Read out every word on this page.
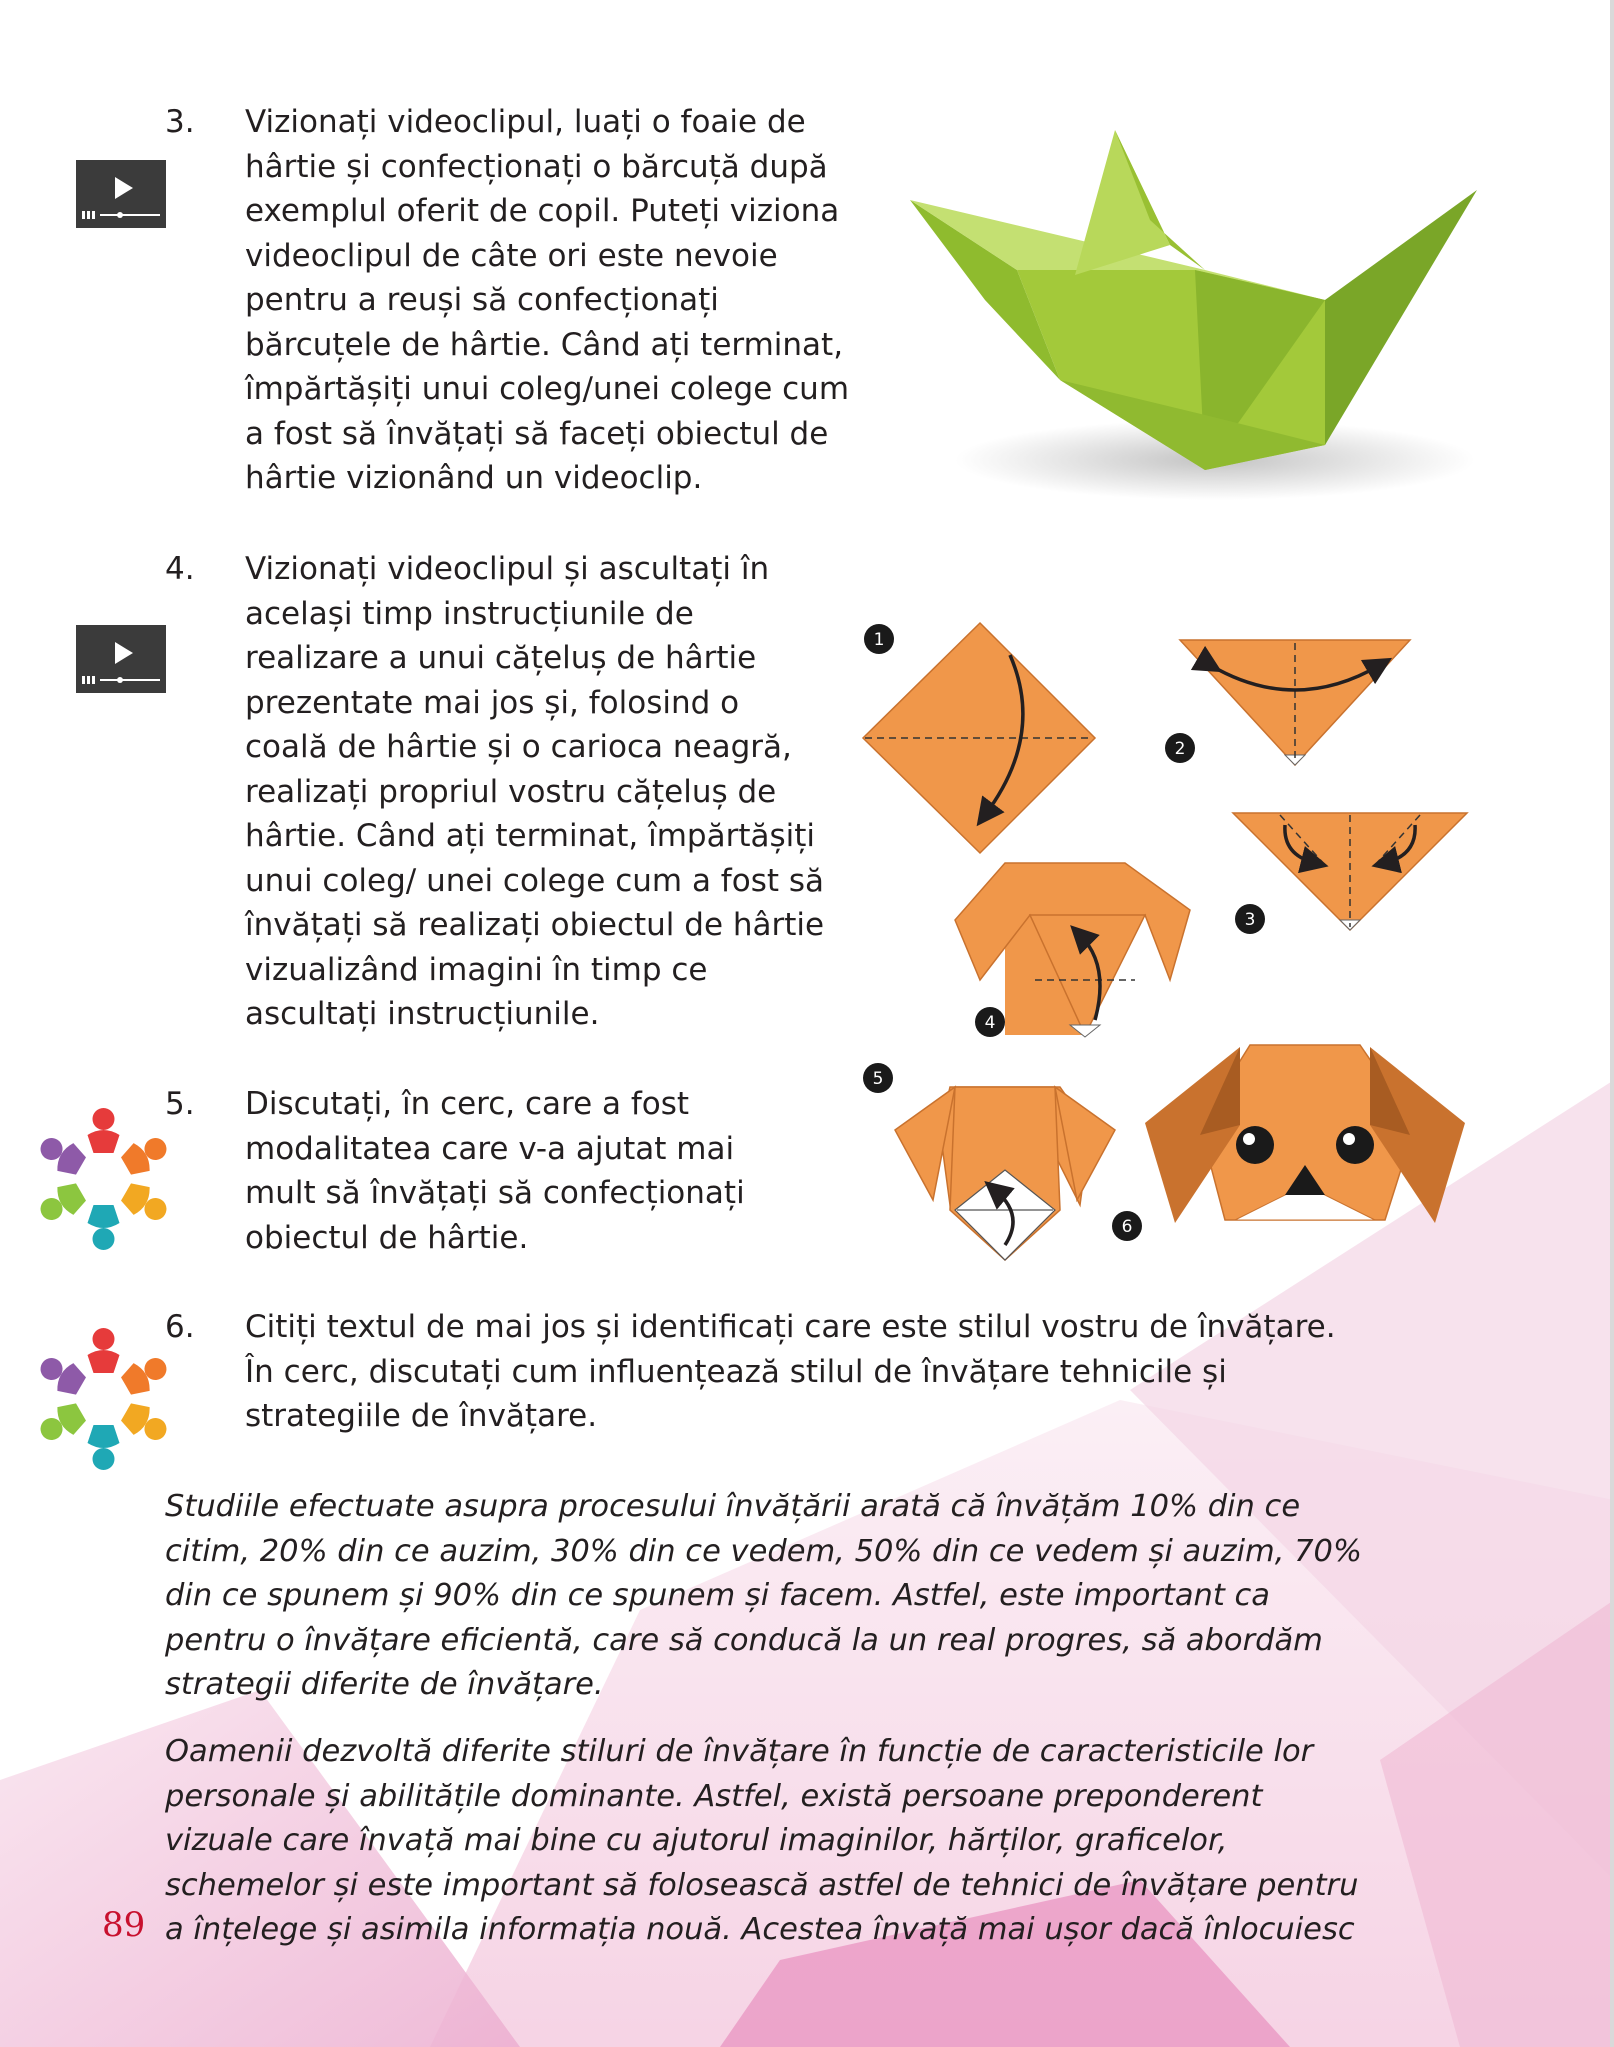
1
2
3
4
5
6
3. Vizionați videoclipul, luați o foaie de
hârtie și confecționați o bărcuță după
exemplul oferit de copil. Puteți viziona
videoclipul de câte ori este nevoie
pentru a reuși să confecționați
bărcuțele de hârtie. Când ați terminat,
împărtășiți unui coleg/unei colege cum
a fost să învățați să faceți obiectul de
hârtie vizionând un videoclip.
4. Vizionați videoclipul și ascultați în
același timp instrucțiunile de
realizare a unui cățeluș de hârtie
prezentate mai jos și, folosind o
coală de hârtie și o carioca neagră,
realizați propriul vostru cățeluș de
hârtie. Când ați terminat, împărtășiți
unui coleg/ unei colege cum a fost să
învățați să realizați obiectul de hârtie
vizualizând imagini în timp ce
ascultați instrucțiunile.
5. Discutați, în cerc, care a fost
modalitatea care v-a ajutat mai
mult să învățați să confecționați
obiectul de hârtie.
6. Citiți textul de mai jos și identificați care este stilul vostru de învățare.
În cerc, discutați cum influențează stilul de învățare tehnicile și
strategiile de învățare.
Studiile efectuate asupra procesului învățării arată că învățăm 10% din ce
citim, 20% din ce auzim, 30% din ce vedem, 50% din ce vedem și auzim, 70%
din ce spunem și 90% din ce spunem și facem. Astfel, este important ca
pentru o învățare eficientă, care să conducă la un real progres, să abordăm
strategii diferite de învățare.
Oamenii dezvoltă diferite stiluri de învățare în funcție de caracteristicile lor
personale și abilitățile dominante. Astfel, există persoane preponderent
vizuale care învață mai bine cu ajutorul imaginilor, hărților, graficelor,
schemelor și este important să folosească astfel de tehnici de învățare pentru
a înțelege și asimila informația nouă. Acestea învață mai ușor dacă înlocuiesc
89
